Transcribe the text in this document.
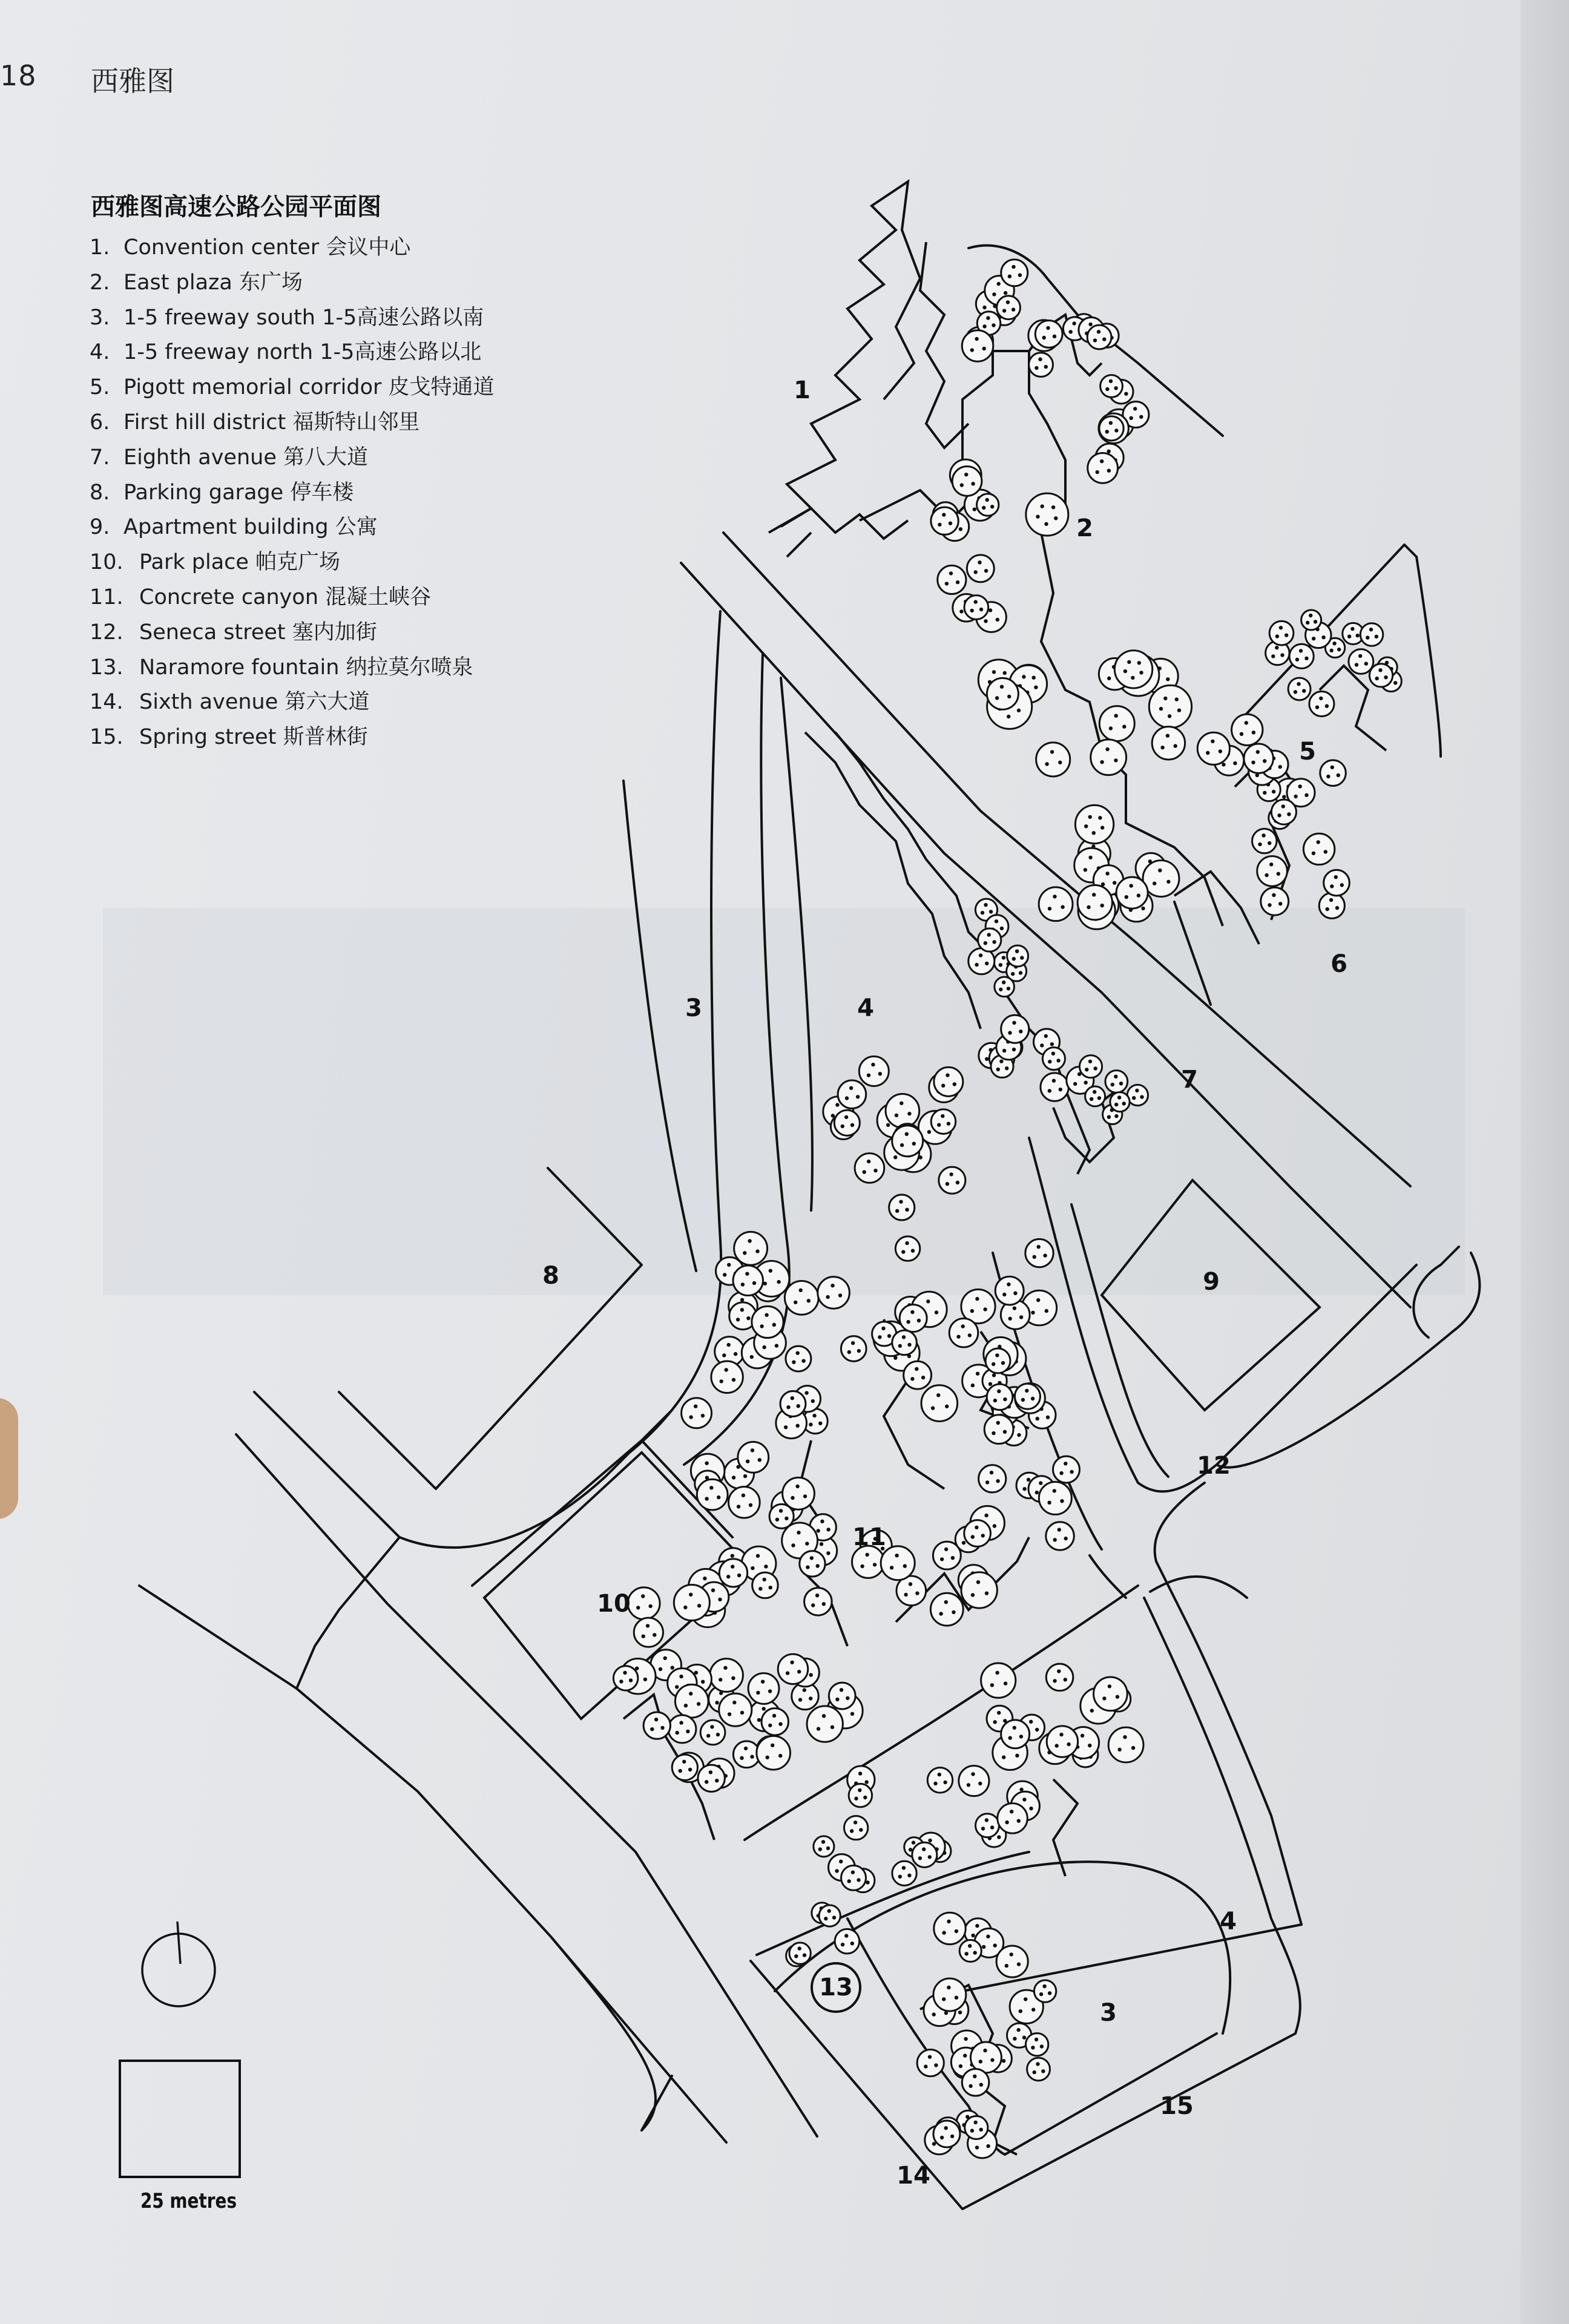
18 西雅图
西雅图高速公路公园平面图
1. Convention center 会议中心
2. East plaza 东广场
3. 1-5 freeway south 1-5高速公路以南
4. 1-5 freeway north 1-5高速公路以北
5. Pigott memorial corridor 皮戈特通道
6. First hill district 福斯特山邻里
7. Eighth avenue 第八大道
8. Parking garage 停车楼
9. Apartment building 公寓
10. Park place 帕克广场
11. Concrete canyon 混凝土峡谷
12. Seneca street 塞内加街
13. Naramore fountain 纳拉莫尔喷泉
14. Sixth avenue 第六大道
15. Spring street 斯普林街
1
2
3	4
5
6
7
8	9
10
11
12
3
4
13
15
14
25 metres
